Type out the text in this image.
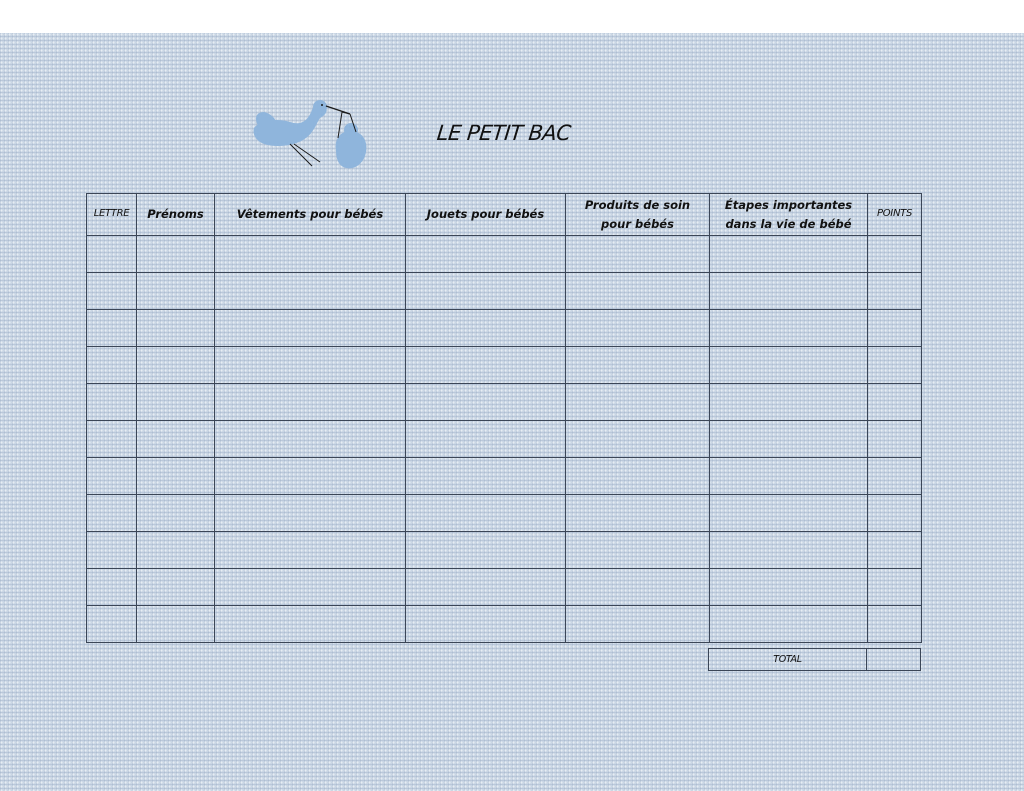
LE PETIT BAC
LETTRE	Prénoms	Vêtements pour bébés	Jouets pour bébés	Produits de soin pour bébés	Étapes importantes dans la vie de bébé	POINTS

TOTAL	
